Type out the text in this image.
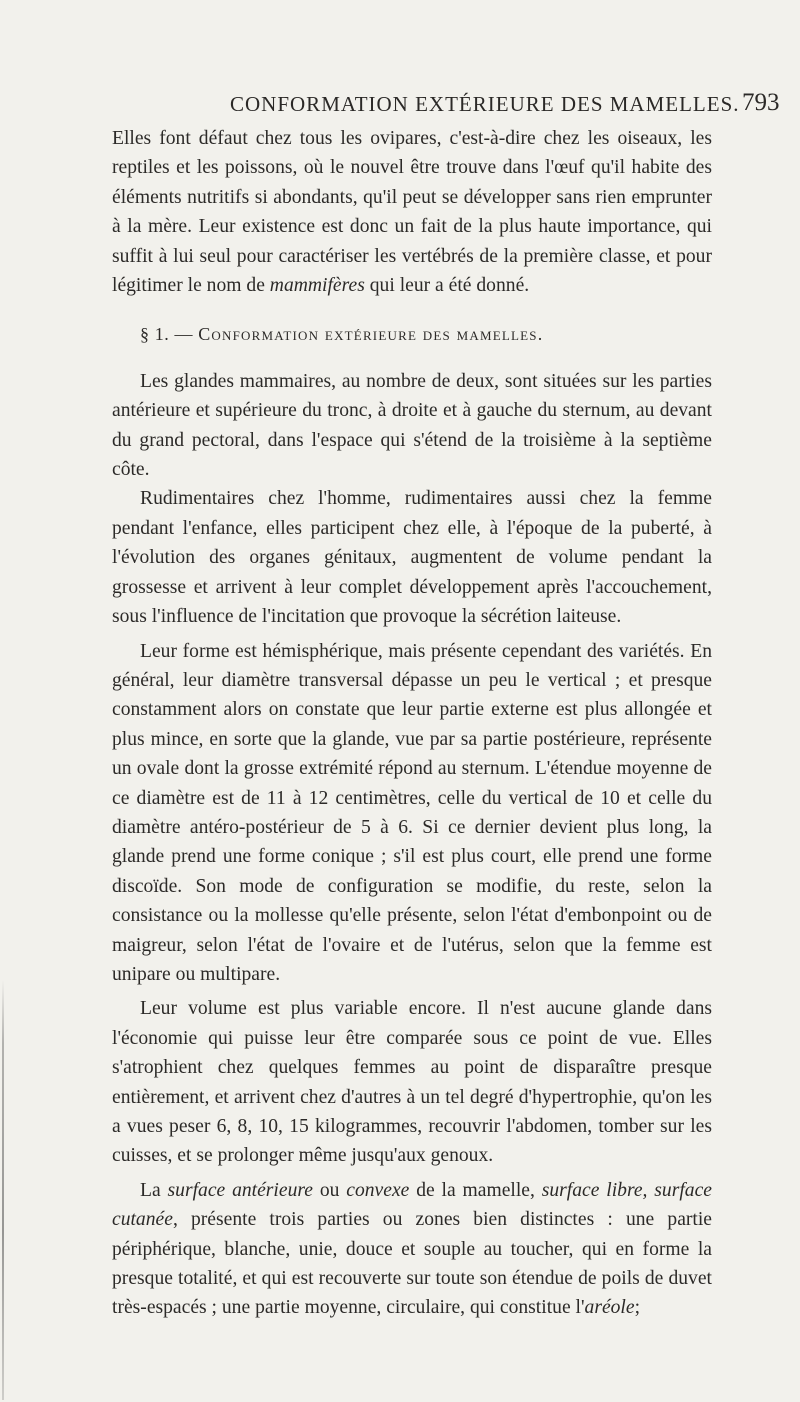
CONFORMATION EXTÉRIEURE DES MAMELLES. 793

Elles font défaut chez tous les ovipares, c'est-à-dire chez les oiseaux, les reptiles et les poissons, où le nouvel être trouve dans l'œuf qu'il habite des éléments nutritifs si abondants, qu'il peut se développer sans rien emprunter à la mère. Leur existence est donc un fait de la plus haute importance, qui suffit à lui seul pour caractériser les vertébrés de la première classe, et pour légitimer le nom de mammifères qui leur a été donné.

§ 1. — Conformation extérieure des mamelles.

Les glandes mammaires, au nombre de deux, sont situées sur les parties antérieure et supérieure du tronc, à droite et à gauche du sternum, au devant du grand pectoral, dans l'espace qui s'étend de la troisième à la septième côte.

Rudimentaires chez l'homme, rudimentaires aussi chez la femme pendant l'enfance, elles participent chez elle, à l'époque de la puberté, à l'évolution des organes génitaux, augmentent de volume pendant la grossesse et arrivent à leur complet développement après l'accouchement, sous l'influence de l'incitation que provoque la sécrétion laiteuse.

Leur forme est hémisphérique, mais présente cependant des variétés. En général, leur diamètre transversal dépasse un peu le vertical ; et presque constamment alors on constate que leur partie externe est plus allongée et plus mince, en sorte que la glande, vue par sa partie postérieure, représente un ovale dont la grosse extrémité répond au sternum. L'étendue moyenne de ce diamètre est de 11 à 12 centimètres, celle du vertical de 10 et celle du diamètre antéro-postérieur de 5 à 6. Si ce dernier devient plus long, la glande prend une forme conique ; s'il est plus court, elle prend une forme discoïde. Son mode de configuration se modifie, du reste, selon la consistance ou la mollesse qu'elle présente, selon l'état d'embonpoint ou de maigreur, selon l'état de l'ovaire et de l'utérus, selon que la femme est unipare ou multipare.

Leur volume est plus variable encore. Il n'est aucune glande dans l'économie qui puisse leur être comparée sous ce point de vue. Elles s'atrophient chez quelques femmes au point de disparaître presque entièrement, et arrivent chez d'autres à un tel degré d'hypertrophie, qu'on les a vues peser 6, 8, 10, 15 kilogrammes, recouvrir l'abdomen, tomber sur les cuisses, et se prolonger même jusqu'aux genoux.

La surface antérieure ou convexe de la mamelle, surface libre, surface cutanée, présente trois parties ou zones bien distinctes : une partie périphérique, blanche, unie, douce et souple au toucher, qui en forme la presque totalité, et qui est recouverte sur toute son étendue de poils de duvet très-espacés ; une partie moyenne, circulaire, qui constitue l'aréole;
